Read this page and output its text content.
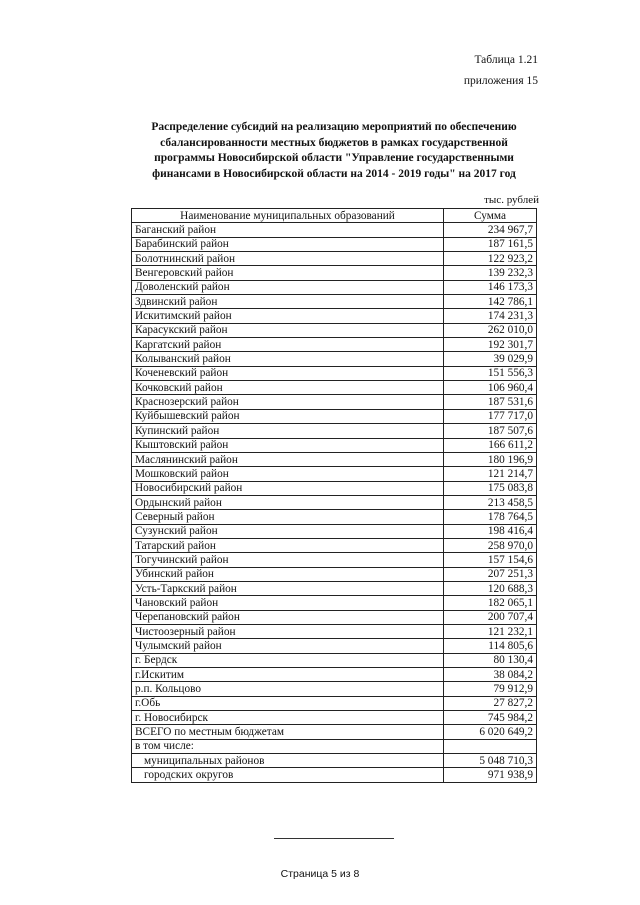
Таблица 1.21
приложения 15
Распределение субсидий на реализацию мероприятий по обеспечению
сбалансированности местных бюджетов в рамках государственной
программы Новосибирской области "Управление государственными
финансами в Новосибирской области на 2014 - 2019 годы" на 2017 год
тыс. рублей
Наименование муниципальных образований	Сумма
Баганский район	234 967,7
Барабинский район	187 161,5
Болотнинский район	122 923,2
Венгеровский район	139 232,3
Доволенский район	146 173,3
Здвинский район	142 786,1
Искитимский район	174 231,3
Карасукский район	262 010,0
Каргатский район	192 301,7
Колыванский район	39 029,9
Коченевский район	151 556,3
Кочковский район	106 960,4
Краснозерский район	187 531,6
Куйбышевский район	177 717,0
Купинский район	187 507,6
Кыштовский район	166 611,2
Маслянинский район	180 196,9
Мошковский район	121 214,7
Новосибирский район	175 083,8
Ордынский район	213 458,5
Северный район	178 764,5
Сузунский район	198 416,4
Татарский район	258 970,0
Тогучинский район	157 154,6
Убинский район	207 251,3
Усть-Таркский район	120 688,3
Чановский район	182 065,1
Черепановский район	200 707,4
Чистоозерный район	121 232,1
Чулымский район	114 805,6
г. Бердск	80 130,4
г.Искитим	38 084,2
р.п. Кольцово	79 912,9
г.Обь	27 827,2
г. Новосибирск	745 984,2
ВСЕГО по местным бюджетам	6 020 649,2
в том числе:	
муниципальных районов	5 048 710,3
городских округов	971 938,9
Страница 5 из 8
